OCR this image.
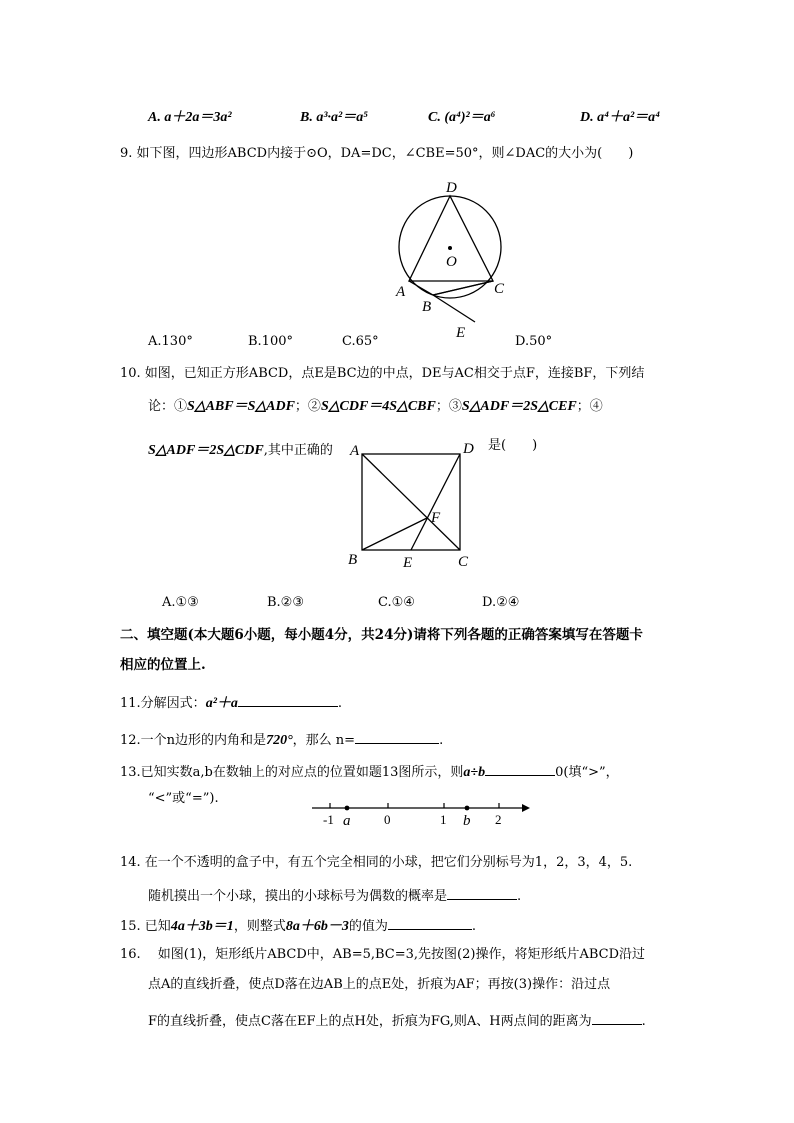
A. a＋2a＝3a²	B. a³·a²＝a⁵	C. (a⁴)²＝a⁶	D. a⁴＋a²＝a⁴
9. 如下图，四边形ABCD内接于⊙O，DA=DC，∠CBE=50°，则∠DAC的大小为(　　)
D
O
A
B
C
E
A.130°	B.100°	C.65°	D.50°
10. 如图，已知正方形ABCD，点E是BC边的中点，DE与AC相交于点F，连接BF，下列结
论：①S△ABF＝S△ADF；②S△CDF＝4S△CBF；③S△ADF＝2S△CEF；④
S△ADF＝2S△CDF,其中正确的	是(　　)
A	D
F
B	E	C
A.①③	B.②③	C.①④	D.②④
二、填空题(本大题6小题，每小题4分，共24分)请将下列各题的正确答案填写在答题卡
相应的位置上.
11.分解因式：a²＋a	.
12.一个n边形的内角和是720°，那么 n=	.
13.已知实数a,b在数轴上的对应点的位置如题13图所示，则a÷b	0(填“>”，
“<”或“=”).
-1	0	1	2
a	b
14. 在一个不透明的盒子中，有五个完全相同的小球，把它们分别标号为1，2，3，4，5.
随机摸出一个小球，摸出的小球标号为偶数的概率是	.
15. 已知4a＋3b＝1，则整式8a＋6b－3的值为	.
16.　 如图(1)，矩形纸片ABCD中，AB=5,BC=3,先按图(2)操作，将矩形纸片ABCD沿过
点A的直线折叠，使点D落在边AB上的点E处，折痕为AF；再按(3)操作：沿过点
F的直线折叠，使点C落在EF上的点H处，折痕为FG,则A、H两点间的距离为	.
